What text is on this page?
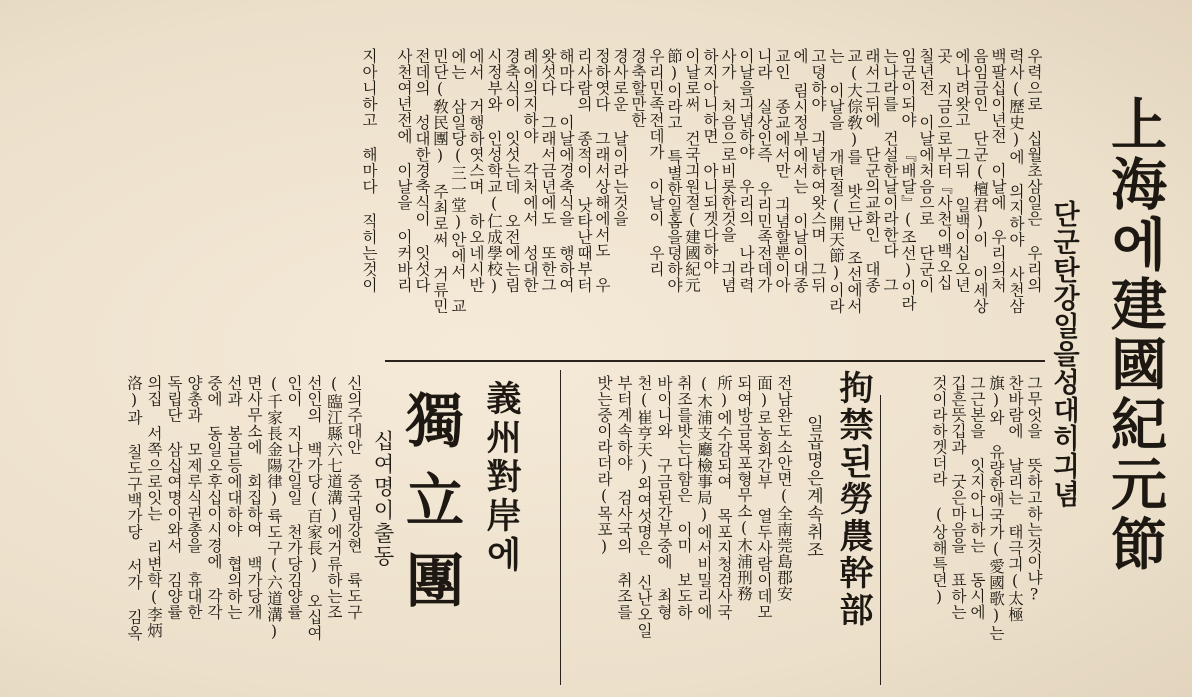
上海에建國紀元節
단군탄강일을성대히긔념
우력으로 십월초삼일은 우리의
력사(歷史)에 의지하야 사천삼
백팔십이년전 이날에 우리의처
음임금인 단군(檀君)이 이세상
에나려왓고 그뒤 일백이십오년
곳 지금으로부터『사천이백오십
칠년전 이날에처음으로 단군이
임군이되야 『배달』(조선)이라
는나라를 건설한날이라한다 그
래서그뒤에 단군의교화인 대종
교(大倧敎)를 밧드난 조선에서
는 이날을 개텬절(開天節)이라
고뎡하야 긔념하여왓스며 그뒤
에 림시정부에서는 이날이대종
교인 종교에서만 긔념할뿐이아
니라 실상인즉 우리민족전데가
이날을긔념하야 우리의 나라력
사가 처음으로비롯한것을 긔념
하지아니하면 아니되겟다하야
이날로써 건국긔원절(建國紀元
節)이라고 특별한일홈을뎡하야
우리민족전데가 이날이 우리
경축할만한
경사로운 날이라는것을
정하엿다 그래서상해에서도 우
리사람의 종적이 낫타난때부터
해마다 이날에경축식을 행하여
왓섯다 그래서금년에도 또한그
례에의지하야 각처에서 성대한
경축식이 잇섯는데 오전에는림
시정부와 인성학교(仁成學校)
에서 거행하엿스며 하오네시반
에는 삼일당(三一堂)안에서 교
민단(敎民團) 주최로써 거류민
전데의 성대한경축식이 잇섯다
사천여년전에 이날을 이커바리
지아니하고 해마다 직히는것이
그무엇을 뜻하고하는것이냐?
찬바람에 날리는 태극긔(太極
旗)와 유량한애국가(愛國歌)는
그근본을 잇지아니하는 동시에
깁흔뜻깁과 굿은마음을 표하는
것이라하겟더라 (상해특뎐)
拘禁된勞農幹部
일곱명은계속취조
전남완도소안면(全南莞島郡安
面)로농회간부 열두사람이데모
되여방금목포형무소(木浦刑務
所)에수감되여 목포지청검사국
(木浦支廳檢事局)에서비밀리에
취조를밧는다함은 이미 보도하
바이니와 구금된간부중에 최형
천(崔亨天)외여섯명은 신난오일
부터계속하야 검사국의 취조를
밧는중이라더라(목포)
義州對岸에
獨立團
십여명이출동
신의주대안 중국림강현 륙도구
(臨江縣六七道溝)에거류하는조
선인의 백가당(百家長) 오십여
인이 지나간일일 천가당김양률
(千家長金陽律)륙도구(六道溝)
면사무소에 회집하여 백가당개
선과 봉급등에대하야 협의하는
중에 동일오후십이시경에 각각
양총과 모제루식권총을 휴대한
독립단 삼십여명이와서 김양률
의집 서쪽으로잇는 리변학(李炳
洛)과 칠도구백가당 서가 김옥
